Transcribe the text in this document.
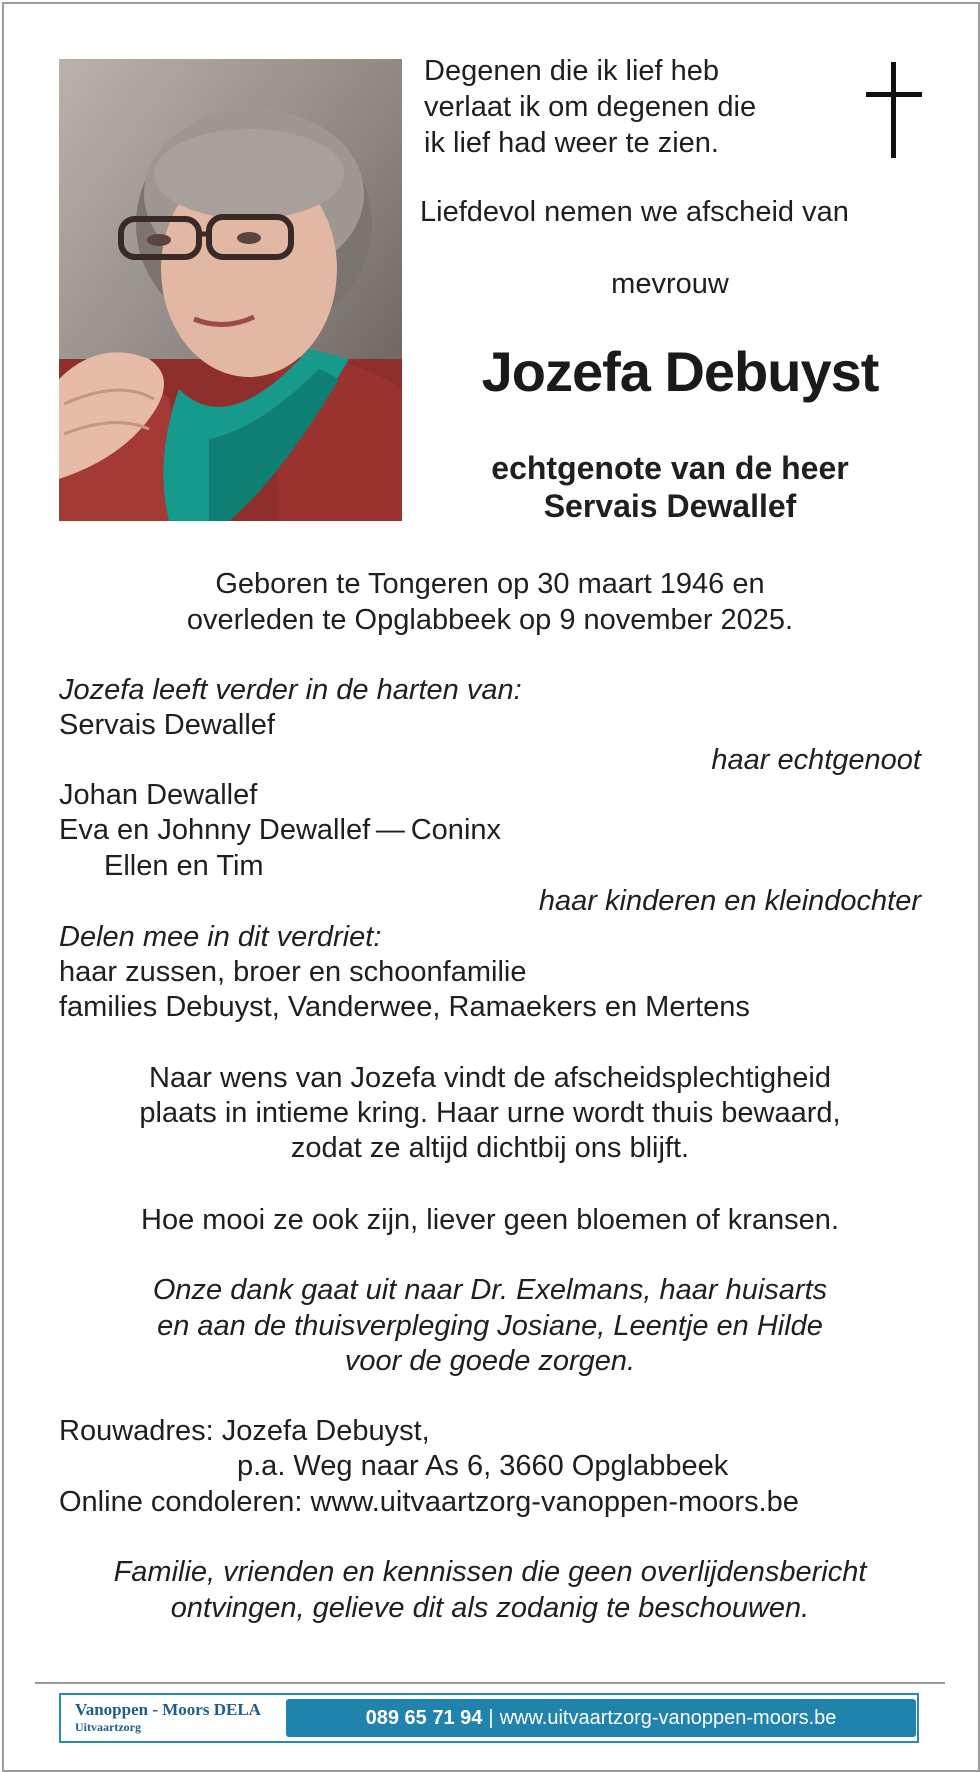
Degenen die ik lief heb
verlaat ik om degenen die
ik lief had weer te zien.
Liefdevol nemen we afscheid van
mevrouw
Jozefa Debuyst
echtgenote van de heer
Servais Dewallef
Geboren te Tongeren op 30 maart 1946 en
overleden te Opglabbeek op 9 november 2025.
Jozefa leeft verder in de harten van:
Servais Dewallef
haar echtgenoot
Johan Dewallef
Eva en Johnny Dewallef — Coninx
Ellen en Tim
haar kinderen en kleindochter
Delen mee in dit verdriet:
haar zussen, broer en schoonfamilie
families Debuyst, Vanderwee, Ramaekers en Mertens
Naar wens van Jozefa vindt de afscheidsplechtigheid
plaats in intieme kring. Haar urne wordt thuis bewaard,
zodat ze altijd dichtbij ons blijft.
Hoe mooi ze ook zijn, liever geen bloemen of kransen.
Onze dank gaat uit naar Dr. Exelmans, haar huisarts
en aan de thuisverpleging Josiane, Leentje en Hilde
voor de goede zorgen.
Rouwadres: Jozefa Debuyst,
p.a. Weg naar As 6, 3660 Opglabbeek
Online condoleren: www.uitvaartzorg-vanoppen-moors.be
Familie, vrienden en kennissen die geen overlijdensbericht
ontvingen, gelieve dit als zodanig te beschouwen.
Vanoppen - Moors DELA
Uitvaartzorg	089 65 71 94 | www.uitvaartzorg-vanoppen-moors.be
